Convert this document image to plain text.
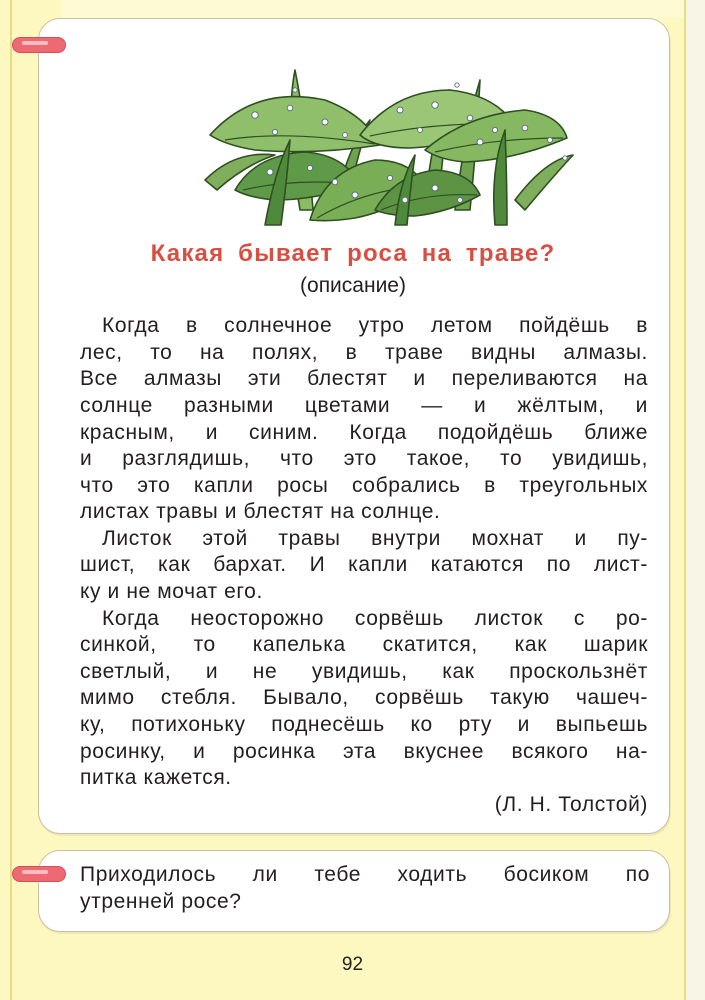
Какая бывает роса на траве?

(описание)

Когда в солнечное утро летом пойдёшь в

лес, то на полях, в траве видны алмазы.

Все алмазы эти блестят и переливаются на

солнце разными цветами — и жёлтым, и

красным, и синим. Когда подойдёшь ближе

и разглядишь, что это такое, то увидишь,

что это капли росы собрались в треугольных

листах травы и блестят на солнце.

Листок этой травы внутри мохнат и пу-

шист, как бархат. И капли катаются по лист-

ку и не мочат его.

Когда неосторожно сорвёшь листок с ро-

синкой, то капелька скатится, как шарик

светлый, и не увидишь, как проскользнёт

мимо стебля. Бывало, сорвёшь такую чашеч-

ку, потихоньку поднесёшь ко рту и выпьешь

росинку, и росинка эта вкуснее всякого на-

питка кажется.

(Л. Н. Толстой)

Приходилось ли тебе ходить босиком по

утренней росе?

92
